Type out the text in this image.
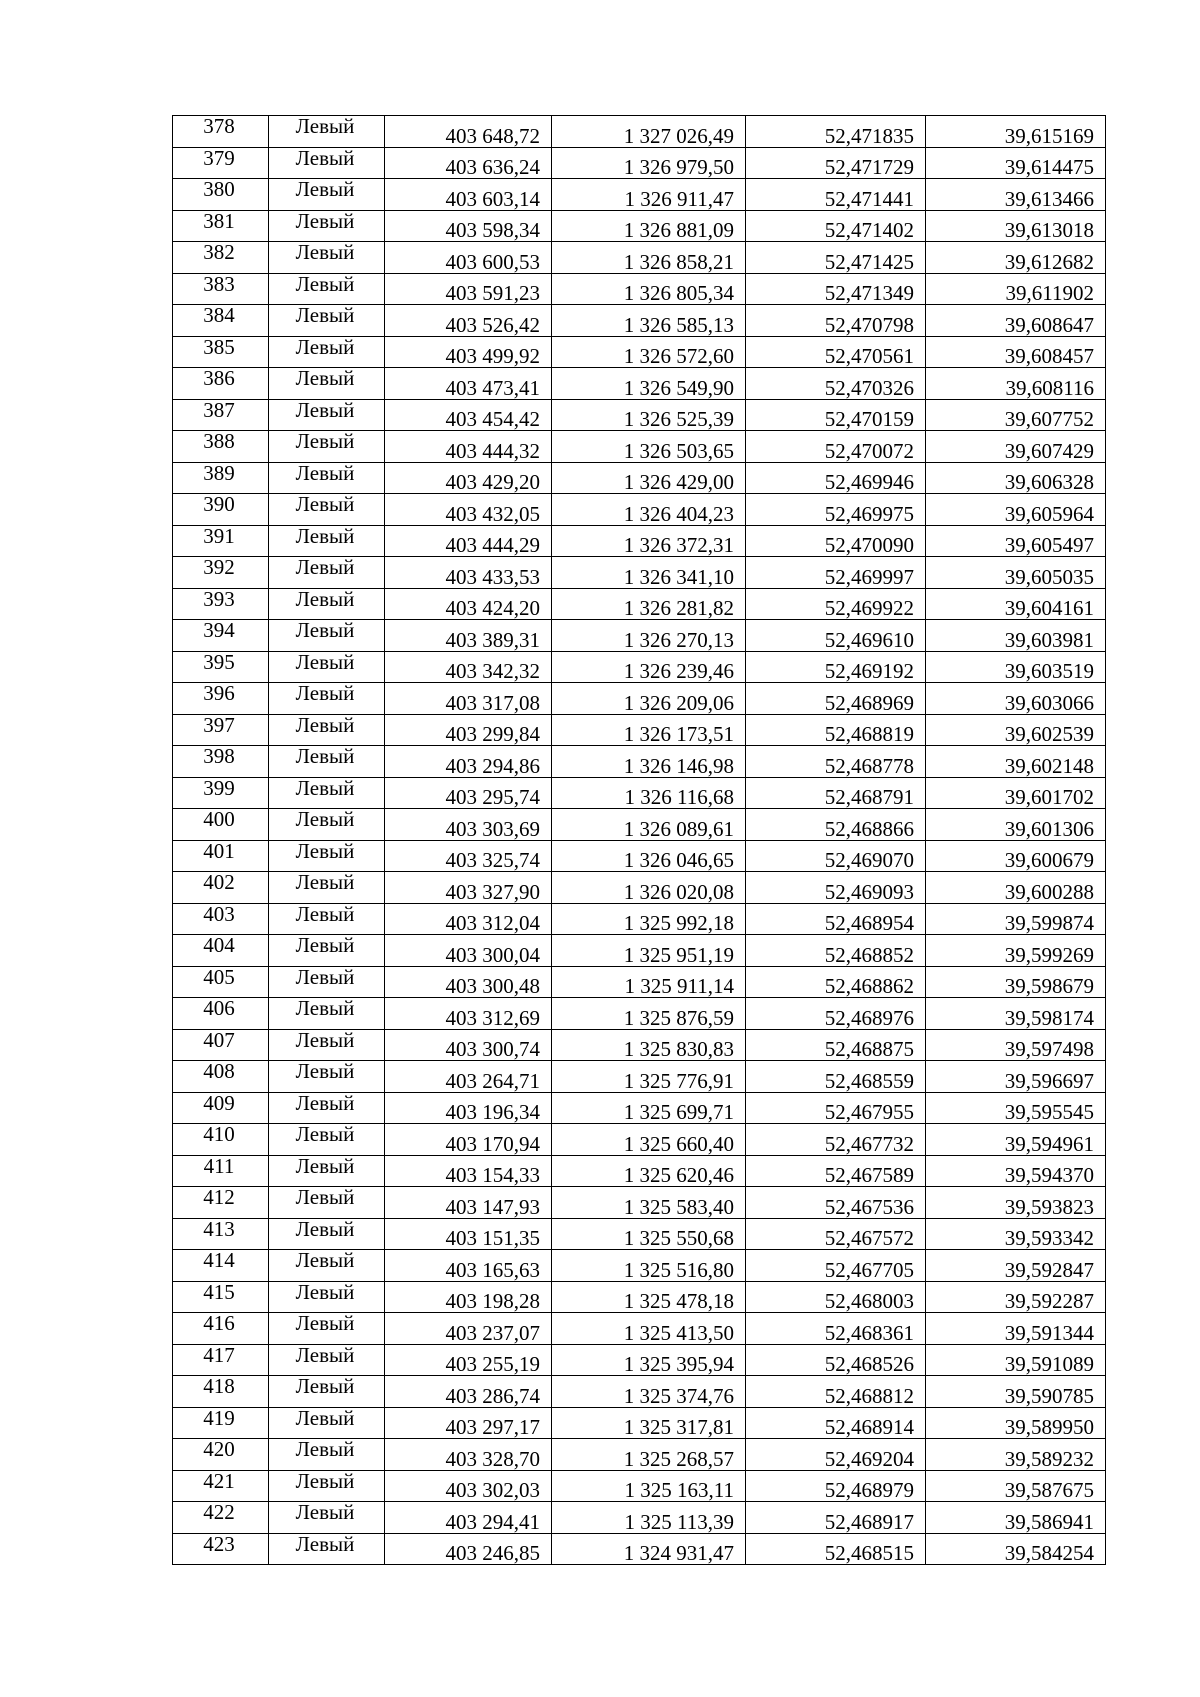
378	Левый	403 648,72	1 327 026,49	52,471835	39,615169
379	Левый	403 636,24	1 326 979,50	52,471729	39,614475
380	Левый	403 603,14	1 326 911,47	52,471441	39,613466
381	Левый	403 598,34	1 326 881,09	52,471402	39,613018
382	Левый	403 600,53	1 326 858,21	52,471425	39,612682
383	Левый	403 591,23	1 326 805,34	52,471349	39,611902
384	Левый	403 526,42	1 326 585,13	52,470798	39,608647
385	Левый	403 499,92	1 326 572,60	52,470561	39,608457
386	Левый	403 473,41	1 326 549,90	52,470326	39,608116
387	Левый	403 454,42	1 326 525,39	52,470159	39,607752
388	Левый	403 444,32	1 326 503,65	52,470072	39,607429
389	Левый	403 429,20	1 326 429,00	52,469946	39,606328
390	Левый	403 432,05	1 326 404,23	52,469975	39,605964
391	Левый	403 444,29	1 326 372,31	52,470090	39,605497
392	Левый	403 433,53	1 326 341,10	52,469997	39,605035
393	Левый	403 424,20	1 326 281,82	52,469922	39,604161
394	Левый	403 389,31	1 326 270,13	52,469610	39,603981
395	Левый	403 342,32	1 326 239,46	52,469192	39,603519
396	Левый	403 317,08	1 326 209,06	52,468969	39,603066
397	Левый	403 299,84	1 326 173,51	52,468819	39,602539
398	Левый	403 294,86	1 326 146,98	52,468778	39,602148
399	Левый	403 295,74	1 326 116,68	52,468791	39,601702
400	Левый	403 303,69	1 326 089,61	52,468866	39,601306
401	Левый	403 325,74	1 326 046,65	52,469070	39,600679
402	Левый	403 327,90	1 326 020,08	52,469093	39,600288
403	Левый	403 312,04	1 325 992,18	52,468954	39,599874
404	Левый	403 300,04	1 325 951,19	52,468852	39,599269
405	Левый	403 300,48	1 325 911,14	52,468862	39,598679
406	Левый	403 312,69	1 325 876,59	52,468976	39,598174
407	Левый	403 300,74	1 325 830,83	52,468875	39,597498
408	Левый	403 264,71	1 325 776,91	52,468559	39,596697
409	Левый	403 196,34	1 325 699,71	52,467955	39,595545
410	Левый	403 170,94	1 325 660,40	52,467732	39,594961
411	Левый	403 154,33	1 325 620,46	52,467589	39,594370
412	Левый	403 147,93	1 325 583,40	52,467536	39,593823
413	Левый	403 151,35	1 325 550,68	52,467572	39,593342
414	Левый	403 165,63	1 325 516,80	52,467705	39,592847
415	Левый	403 198,28	1 325 478,18	52,468003	39,592287
416	Левый	403 237,07	1 325 413,50	52,468361	39,591344
417	Левый	403 255,19	1 325 395,94	52,468526	39,591089
418	Левый	403 286,74	1 325 374,76	52,468812	39,590785
419	Левый	403 297,17	1 325 317,81	52,468914	39,589950
420	Левый	403 328,70	1 325 268,57	52,469204	39,589232
421	Левый	403 302,03	1 325 163,11	52,468979	39,587675
422	Левый	403 294,41	1 325 113,39	52,468917	39,586941
423	Левый	403 246,85	1 324 931,47	52,468515	39,584254
